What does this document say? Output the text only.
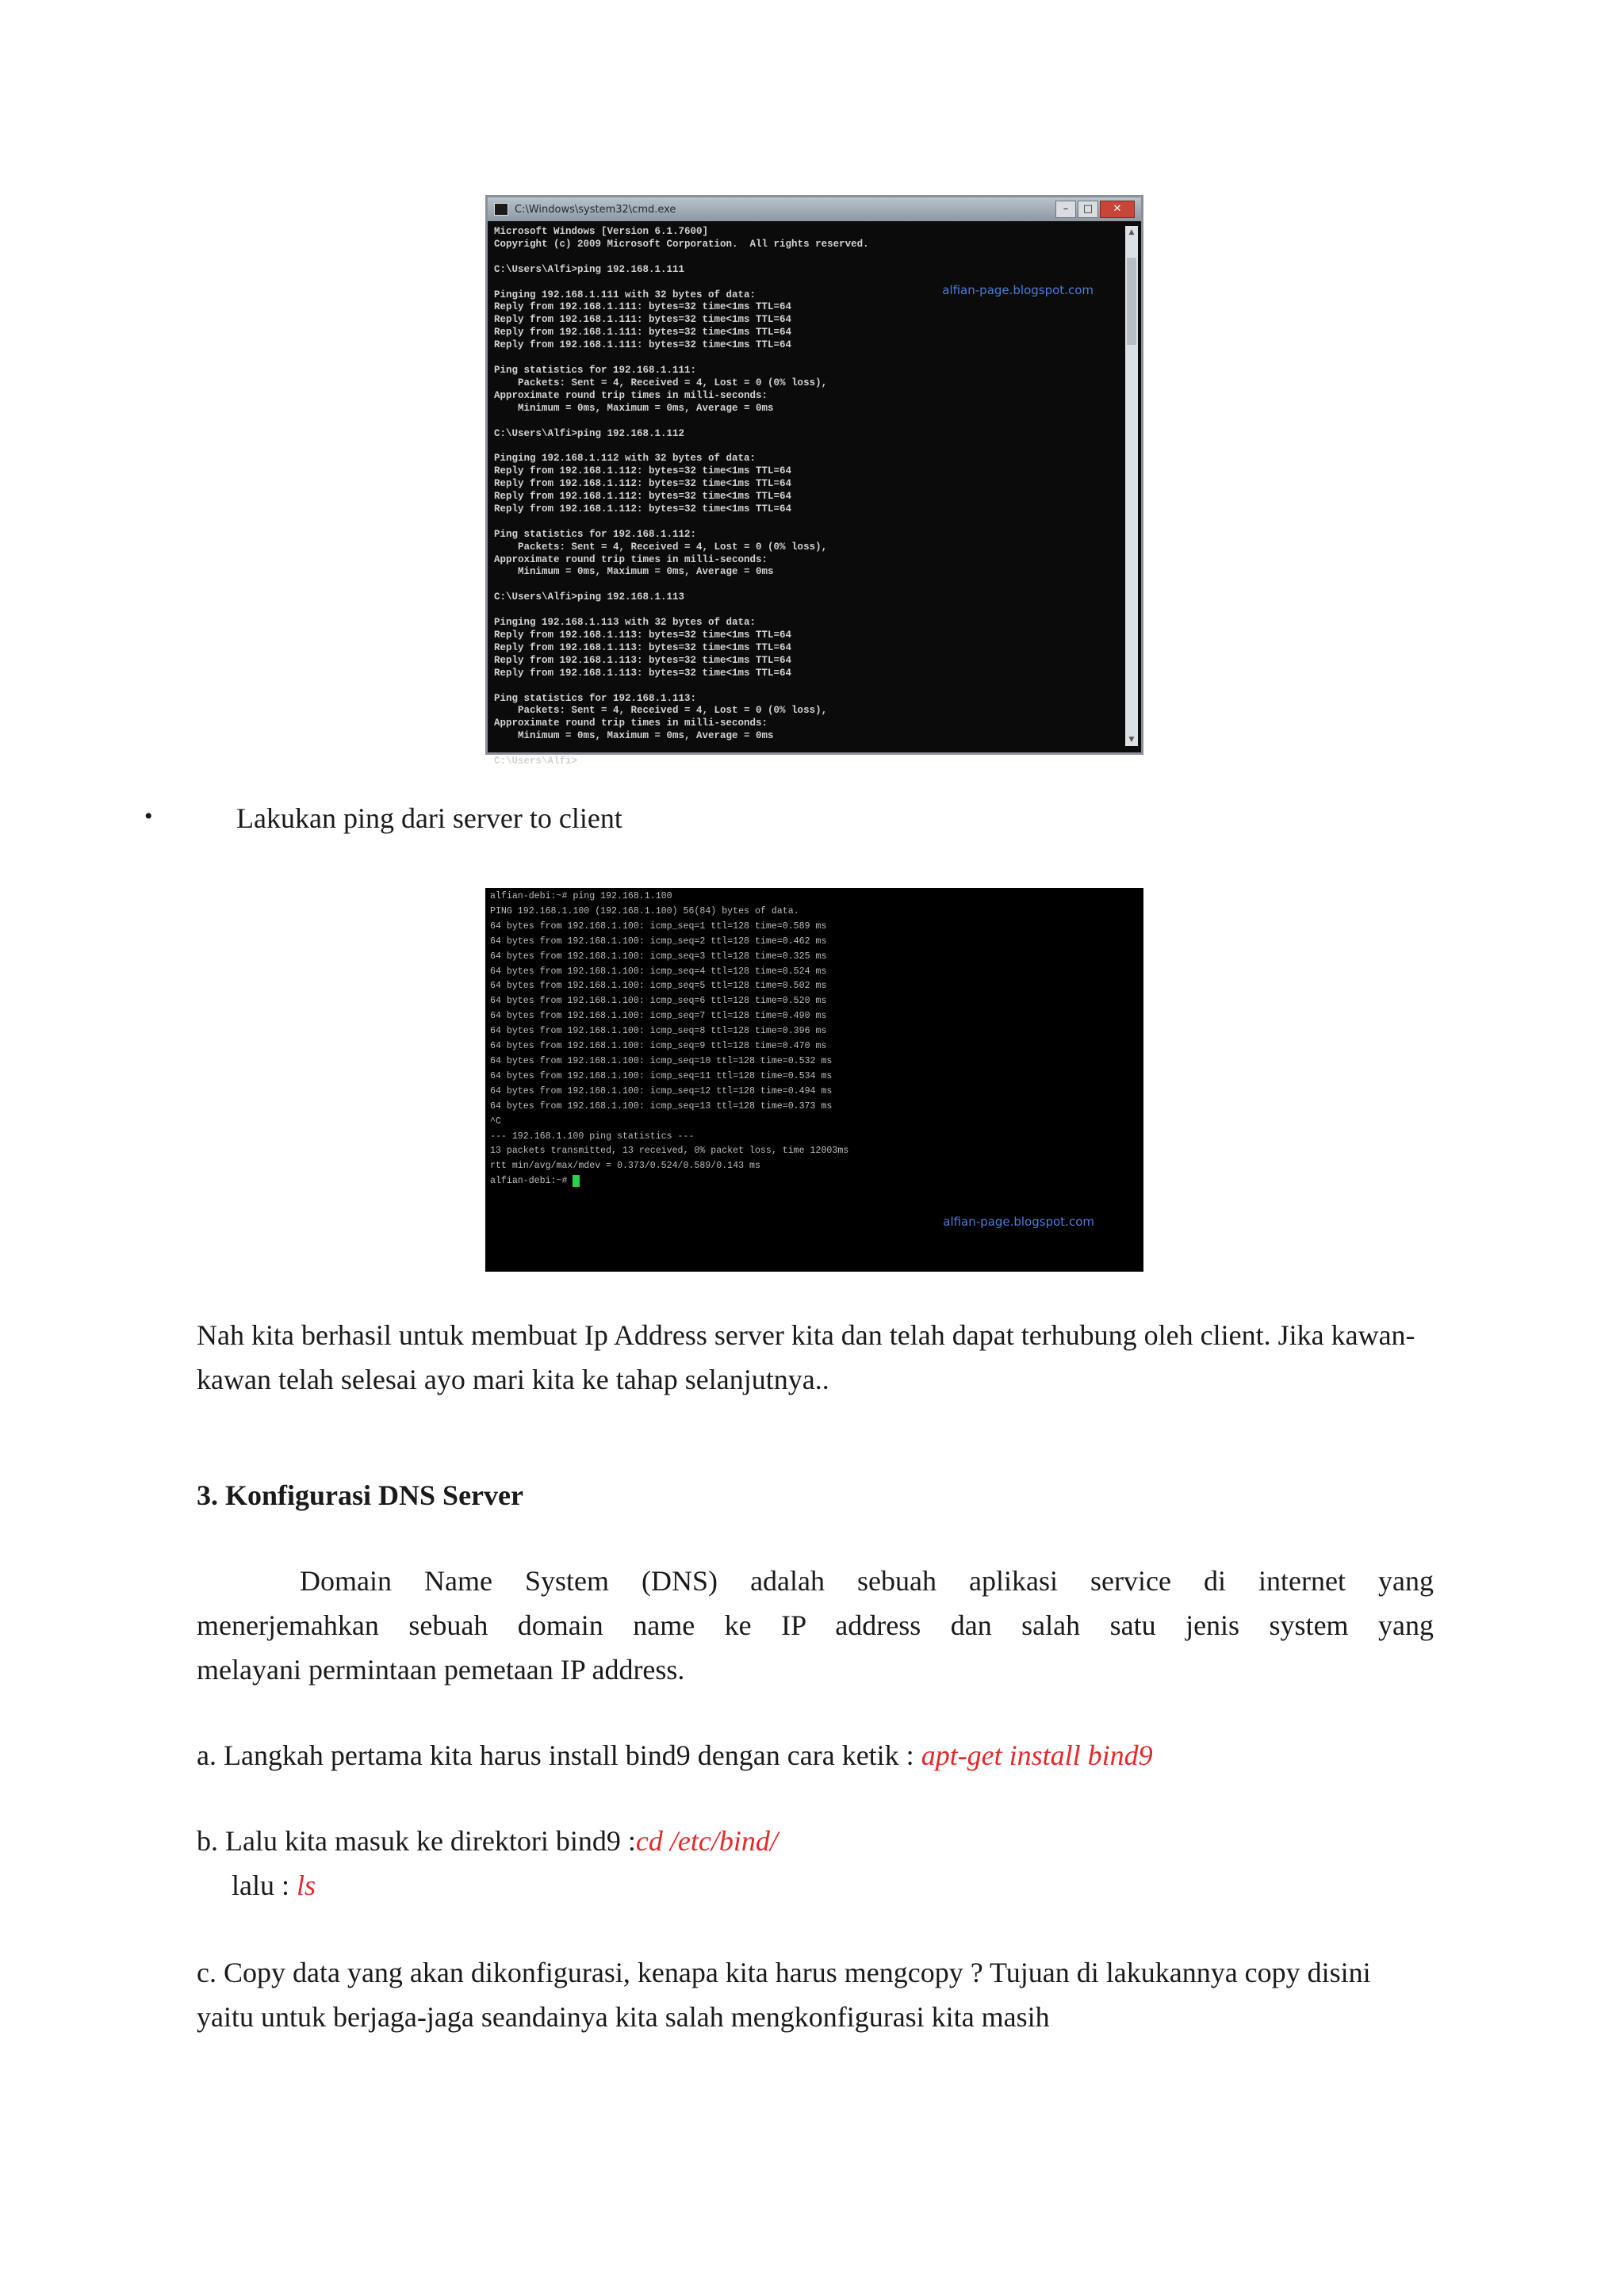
C:\Windows\system32\cmd.exe	–	□	✕
Microsoft Windows [Version 6.1.7600]
Copyright (c) 2009 Microsoft Corporation.  All rights reserved.

C:\Users\Alfi>ping 192.168.1.111

Pinging 192.168.1.111 with 32 bytes of data:
Reply from 192.168.1.111: bytes=32 time<1ms TTL=64
Reply from 192.168.1.111: bytes=32 time<1ms TTL=64
Reply from 192.168.1.111: bytes=32 time<1ms TTL=64
Reply from 192.168.1.111: bytes=32 time<1ms TTL=64

Ping statistics for 192.168.1.111:
Packets: Sent = 4, Received = 4, Lost = 0 (0% loss),
Approximate round trip times in milli-seconds:
Minimum = 0ms, Maximum = 0ms, Average = 0ms

C:\Users\Alfi>ping 192.168.1.112

Pinging 192.168.1.112 with 32 bytes of data:
Reply from 192.168.1.112: bytes=32 time<1ms TTL=64
Reply from 192.168.1.112: bytes=32 time<1ms TTL=64
Reply from 192.168.1.112: bytes=32 time<1ms TTL=64
Reply from 192.168.1.112: bytes=32 time<1ms TTL=64

Ping statistics for 192.168.1.112:
Packets: Sent = 4, Received = 4, Lost = 0 (0% loss),
Approximate round trip times in milli-seconds:
Minimum = 0ms, Maximum = 0ms, Average = 0ms

C:\Users\Alfi>ping 192.168.1.113

Pinging 192.168.1.113 with 32 bytes of data:
Reply from 192.168.1.113: bytes=32 time<1ms TTL=64
Reply from 192.168.1.113: bytes=32 time<1ms TTL=64
Reply from 192.168.1.113: bytes=32 time<1ms TTL=64
Reply from 192.168.1.113: bytes=32 time<1ms TTL=64

Ping statistics for 192.168.1.113:
Packets: Sent = 4, Received = 4, Lost = 0 (0% loss),
Approximate round trip times in milli-seconds:
Minimum = 0ms, Maximum = 0ms, Average = 0ms

C:\Users\Alfi>
▲
▼
alfian-page.blogspot.com
•	Lakukan ping dari server to client
alfian-debi:~# ping 192.168.1.100
PING 192.168.1.100 (192.168.1.100) 56(84) bytes of data.
64 bytes from 192.168.1.100: icmp_seq=1 ttl=128 time=0.589 ms
64 bytes from 192.168.1.100: icmp_seq=2 ttl=128 time=0.462 ms
64 bytes from 192.168.1.100: icmp_seq=3 ttl=128 time=0.325 ms
64 bytes from 192.168.1.100: icmp_seq=4 ttl=128 time=0.524 ms
64 bytes from 192.168.1.100: icmp_seq=5 ttl=128 time=0.502 ms
64 bytes from 192.168.1.100: icmp_seq=6 ttl=128 time=0.520 ms
64 bytes from 192.168.1.100: icmp_seq=7 ttl=128 time=0.490 ms
64 bytes from 192.168.1.100: icmp_seq=8 ttl=128 time=0.396 ms
64 bytes from 192.168.1.100: icmp_seq=9 ttl=128 time=0.470 ms
64 bytes from 192.168.1.100: icmp_seq=10 ttl=128 time=0.532 ms
64 bytes from 192.168.1.100: icmp_seq=11 ttl=128 time=0.534 ms
64 bytes from 192.168.1.100: icmp_seq=12 ttl=128 time=0.494 ms
64 bytes from 192.168.1.100: icmp_seq=13 ttl=128 time=0.373 ms
^C
--- 192.168.1.100 ping statistics ---
13 packets transmitted, 13 received, 0% packet loss, time 12003ms
rtt min/avg/max/mdev = 0.373/0.524/0.589/0.143 ms
alfian-debi:~#
alfian-page.blogspot.com
Nah kita berhasil untuk membuat Ip Address server kita dan telah dapat terhubung oleh client. Jika kawan-kawan telah selesai ayo mari kita ke tahap selanjutnya..
3. Konfigurasi DNS Server
Domain Name System (DNS) adalah sebuah aplikasi service di internet yang
menerjemahkan sebuah domain name ke IP address dan salah satu jenis system yang
melayani permintaan pemetaan IP address.
a. Langkah pertama kita harus install bind9 dengan cara ketik : apt-get install bind9
b. Lalu kita masuk ke direktori bind9 :cd /etc/bind/
lalu : ls
c. Copy data yang akan dikonfigurasi, kenapa kita harus mengcopy ? Tujuan di lakukannya copy disini yaitu untuk berjaga-jaga seandainya kita salah mengkonfigurasi kita masih
